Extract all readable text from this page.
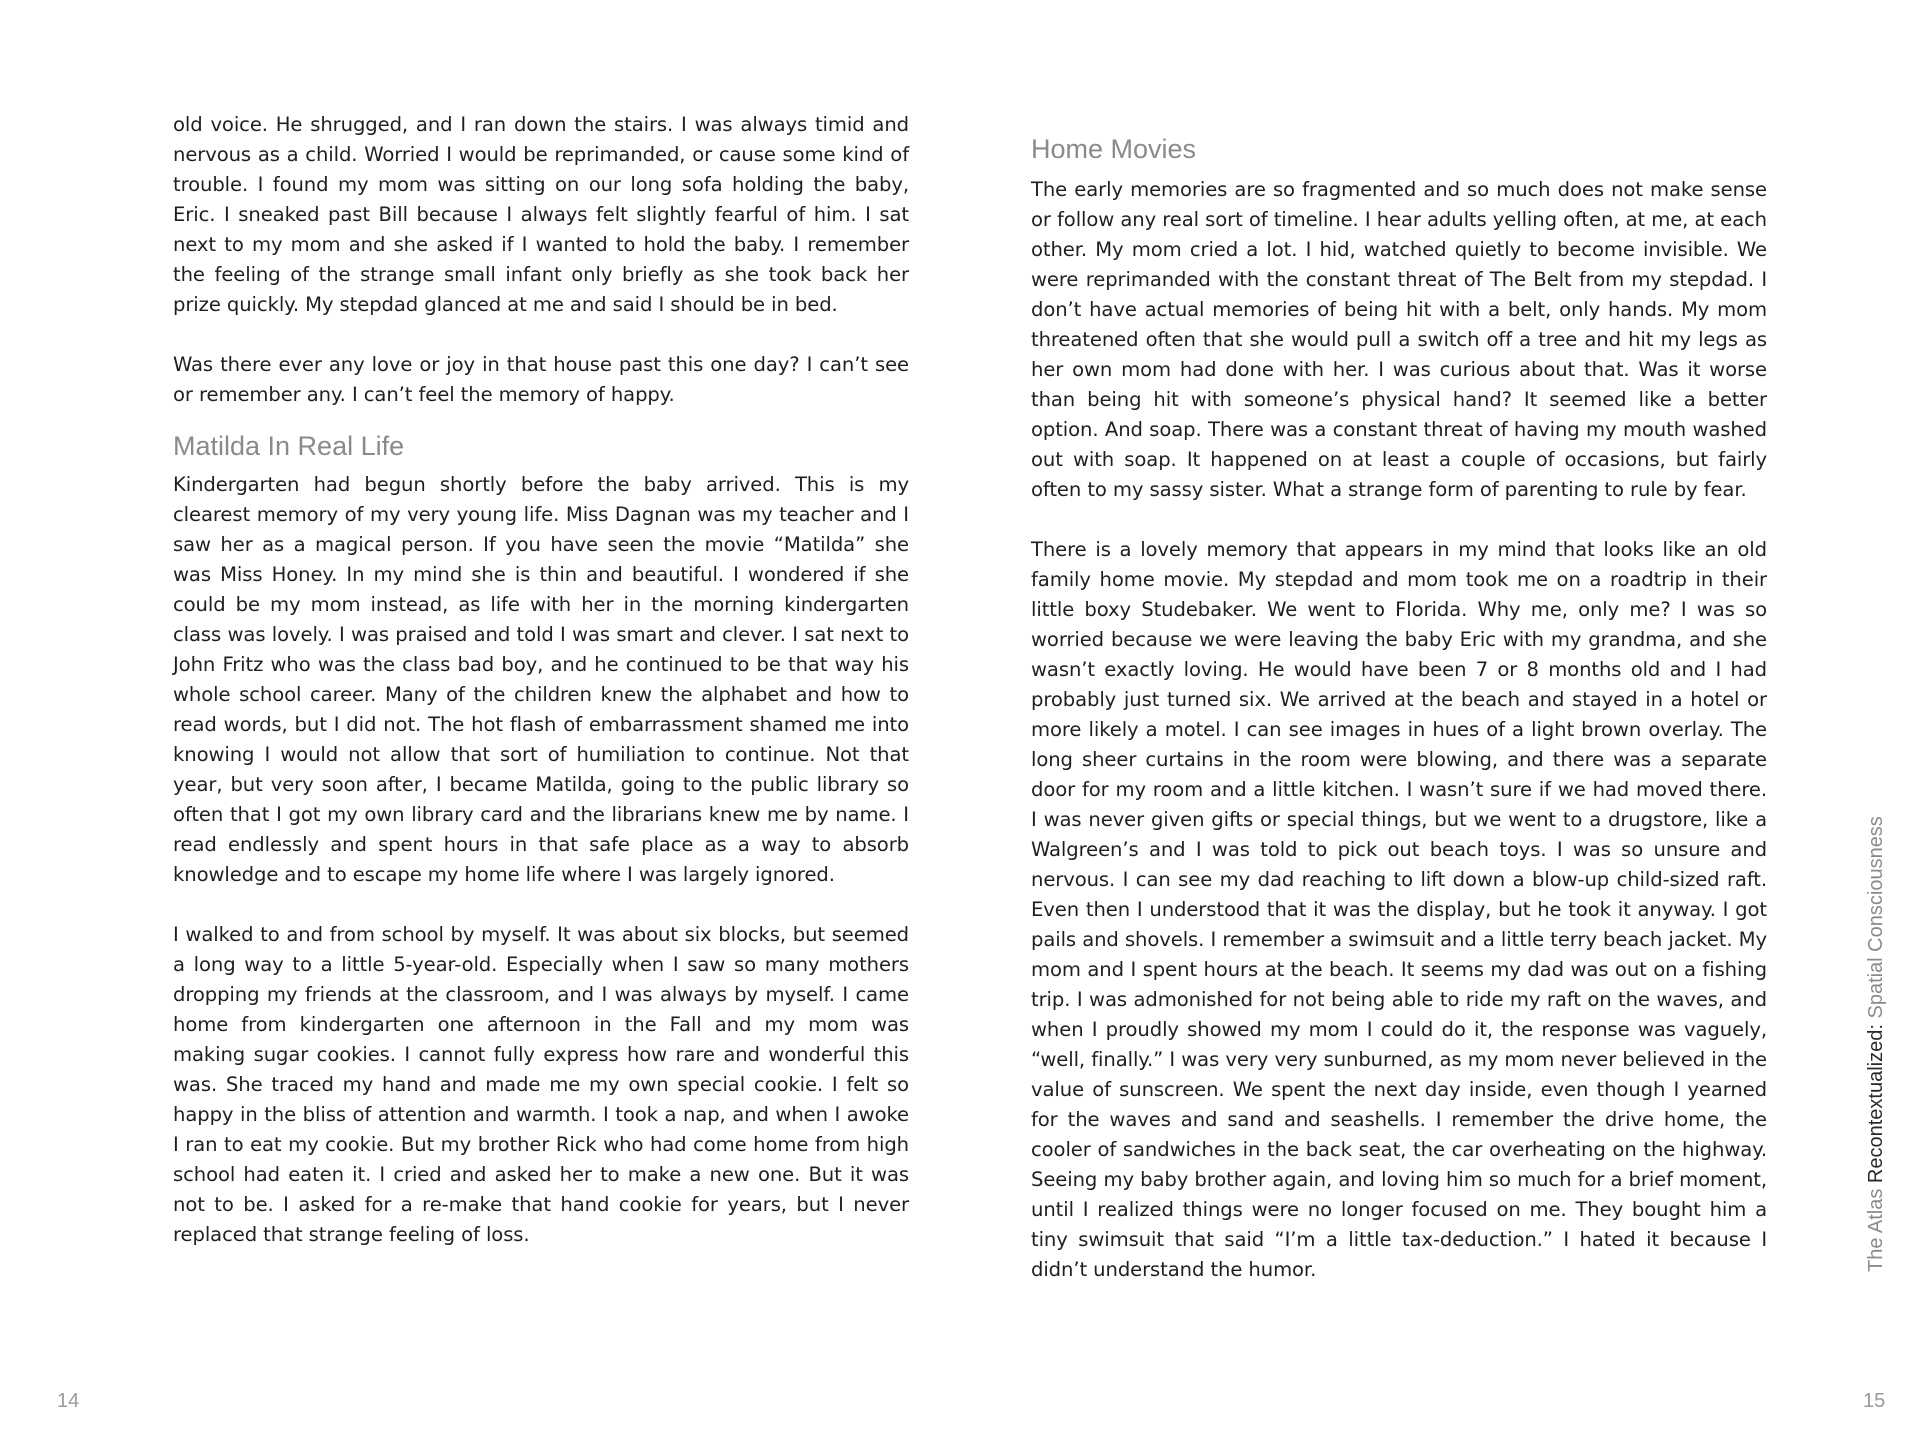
old voice. He shrugged, and I ran down the stairs. I was always timid and nervous as a child. Worried I would be reprimanded, or cause some kind of trouble. I found my mom was sitting on our long sofa holding the baby, Eric. I sneaked past Bill because I always felt slightly fearful of him. I sat next to my mom and she asked if I wanted to hold the baby. I remember the feeling of the strange small infant only briefly as she took back her prize quickly. My stepdad glanced at me and said I should be in bed.

Was there ever any love or joy in that house past this one day? I can’t see or remember any. I can’t feel the memory of happy.

Matilda In Real Life

Kindergarten had begun shortly before the baby arrived. This is my clearest memory of my very young life. Miss Dagnan was my teacher and I saw her as a magical person. If you have seen the movie “Matilda” she was Miss Honey. In my mind she is thin and beautiful. I wondered if she could be my mom instead, as life with her in the morning kindergarten class was lovely. I was praised and told I was smart and clever. I sat next to John Fritz who was the class bad boy, and he continued to be that way his whole school career. Many of the children knew the alphabet and how to read words, but I did not. The hot flash of embarrassment shamed me into knowing I would not allow that sort of humiliation to continue. Not that year, but very soon after, I became Matilda, going to the public library so often that I got my own library card and the librarians knew me by name. I read endlessly and spent hours in that safe place as a way to absorb knowledge and to escape my home life where I was largely ignored.

I walked to and from school by myself. It was about six blocks, but seemed a long way to a little 5-year-old. Especially when I saw so many mothers dropping my friends at the classroom, and I was always by myself. I came home from kindergarten one afternoon in the Fall and my mom was making sugar cookies. I cannot fully express how rare and wonderful this was. She traced my hand and made me my own special cookie. I felt so happy in the bliss of attention and warmth. I took a nap, and when I awoke I ran to eat my cookie. But my brother Rick who had come home from high school had eaten it. I cried and asked her to make a new one. But it was not to be. I asked for a re-make that hand cookie for years, but I never replaced that strange feeling of loss.

14
Home Movies

The early memories are so fragmented and so much does not make sense or follow any real sort of timeline. I hear adults yelling often, at me, at each other. My mom cried a lot. I hid, watched quietly to become invisible. We were reprimanded with the constant threat of The Belt from my stepdad. I don’t have actual memories of being hit with a belt, only hands. My mom threatened often that she would pull a switch off a tree and hit my legs as her own mom had done with her. I was curious about that. Was it worse than being hit with someone’s physical hand? It seemed like a better option. And soap. There was a constant threat of having my mouth washed out with soap. It happened on at least a couple of occasions, but fairly often to my sassy sister. What a strange form of parenting to rule by fear.

There is a lovely memory that appears in my mind that looks like an old family home movie. My stepdad and mom took me on a roadtrip in their little boxy Studebaker. We went to Florida. Why me, only me? I was so worried because we were leaving the baby Eric with my grandma, and she wasn’t exactly loving. He would have been 7 or 8 months old and I had probably just turned six. We arrived at the beach and stayed in a hotel or more likely a motel. I can see images in hues of a light brown overlay. The long sheer curtains in the room were blowing, and there was a separate door for my room and a little kitchen. I wasn’t sure if we had moved there. I was never given gifts or special things, but we went to a drugstore, like a Walgreen’s and I was told to pick out beach toys. I was so unsure and nervous. I can see my dad reaching to lift down a blow-up child-sized raft. Even then I understood that it was the display, but he took it anyway. I got pails and shovels. I remember a swimsuit and a little terry beach jacket. My mom and I spent hours at the beach. It seems my dad was out on a fishing trip. I was admonished for not being able to ride my raft on the waves, and when I proudly showed my mom I could do it, the response was vaguely, “well, finally.” I was very very sunburned, as my mom never believed in the value of sunscreen. We spent the next day inside, even though I yearned for the waves and sand and seashells. I remember the drive home, the cooler of sandwiches in the back seat, the car overheating on the highway. Seeing my baby brother again, and loving him so much for a brief moment, until I realized things were no longer focused on me. They bought him a tiny swimsuit that said “I’m a little tax-deduction.” I hated it because I didn’t understand the humor.

15
The Atlas Recontextualized: Spatial Consciousness
